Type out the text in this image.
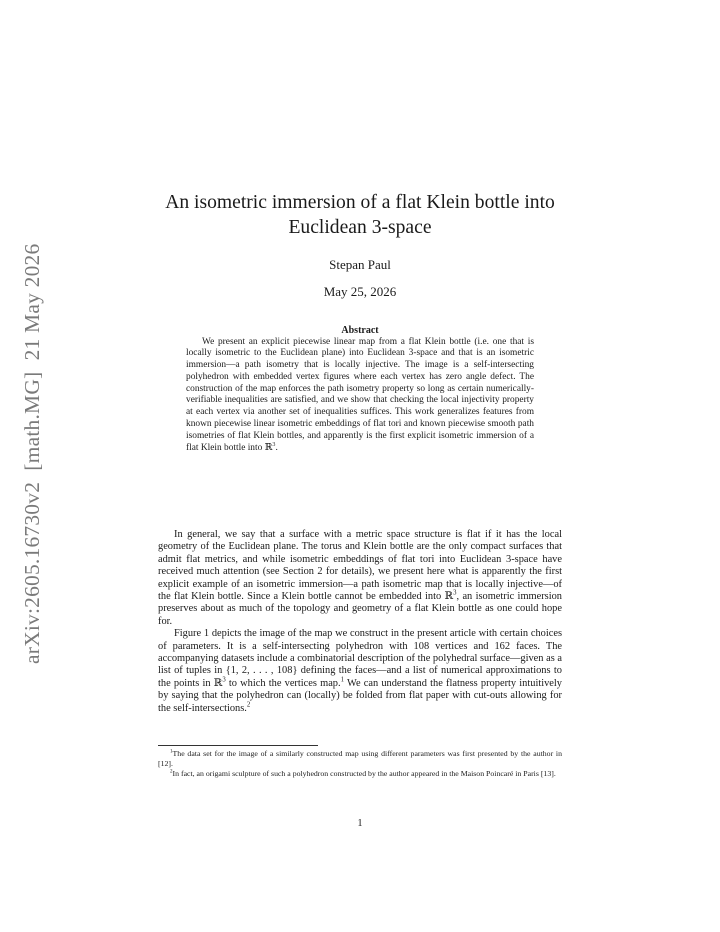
arXiv:2605.16730v2  [math.MG]  21 May 2026
An isometric immersion of a flat Klein bottle into
Euclidean 3-space
Stepan Paul
May 25, 2026
Abstract
We present an explicit piecewise linear map from a flat Klein bottle (i.e. one that is locally isometric to the Euclidean plane) into Euclidean 3-space and that is an isometric immersion—a path isometry that is locally injective. The image is a self-intersecting polyhedron with embedded vertex figures where each vertex has zero angle defect. The construction of the map enforces the path isometry property so long as certain numerically-verifiable inequalities are satisfied, and we show that checking the local injectivity property at each vertex via another set of inequalities suffices. This work generalizes features from known piecewise linear isometric embeddings of flat tori and known piecewise smooth path isometries of flat Klein bottles, and apparently is the first explicit isometric immersion of a flat Klein bottle into ℝ$^3$.

In general, we say that a surface with a metric space structure is flat if it has the local geometry of the Euclidean plane. The torus and Klein bottle are the only compact surfaces that admit flat metrics, and while isometric embeddings of flat tori into Euclidean 3-space have received much attention (see Section 2 for details), we present here what is apparently the first explicit example of an isometric immersion—a path isometric map that is locally injective—of the flat Klein bottle. Since a Klein bottle cannot be embedded into ℝ$^3$, an isometric immersion preserves about as much of the topology and geometry of a flat Klein bottle as one could hope for.

Figure 1 depicts the image of the map we construct in the present article with certain choices of parameters. It is a self-intersecting polyhedron with 108 vertices and 162 faces. The accompanying datasets include a combinatorial description of the polyhedral surface—given as a list of tuples in {1, 2, . . . , 108} defining the faces—and a list of numerical approximations to the points in ℝ$^3$ to which the vertices map.$^1$ We can understand the flatness property intuitively by saying that the polyhedron can (locally) be folded from flat paper with cut-outs allowing for the self-intersections.$^2$

$^1$The data set for the image of a similarly constructed map using different parameters was first presented by the author in [12].

$^2$In fact, an origami sculpture of such a polyhedron constructed by the author appeared in the Maison Poincaré in Paris [13].

1
